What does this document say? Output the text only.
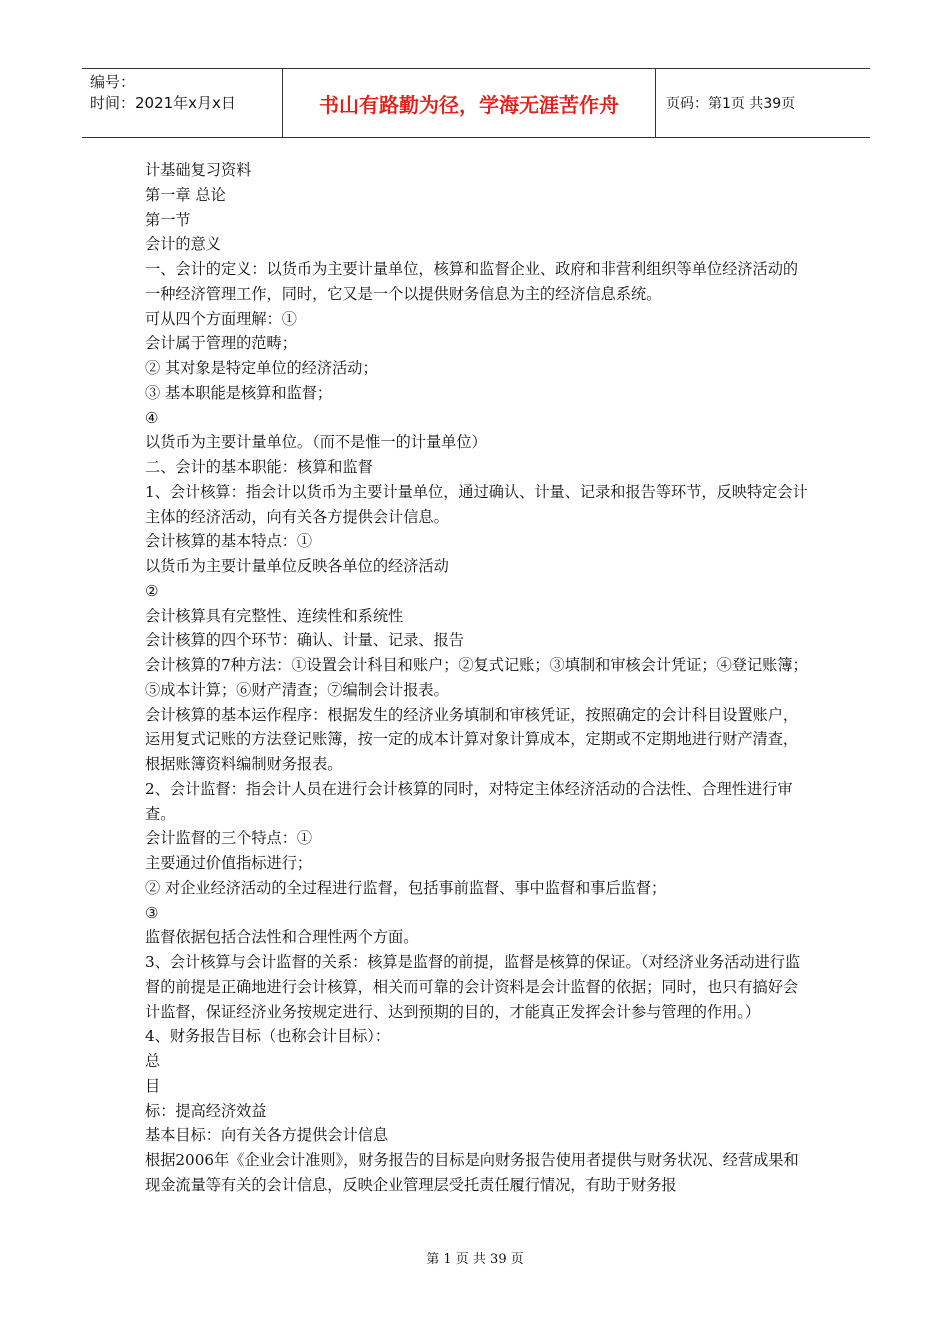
编号：
时间：2021年x月x日	书山有路勤为径，学海无涯苦作舟	页码：第1页 共39页

计基础复习资料

第一章 总论

第一节

会计的意义

一、会计的定义：以货币为主要计量单位，核算和监督企业、政府和非营利组织等单位经济活动的一种经济管理工作，同时，它又是一个以提供财务信息为主的经济信息系统。

可从四个方面理解：①

会计属于管理的范畴；

② 其对象是特定单位的经济活动；

③ 基本职能是核算和监督；

④

以货币为主要计量单位。（而不是惟一的计量单位）

二、会计的基本职能：核算和监督

1、会计核算：指会计以货币为主要计量单位，通过确认、计量、记录和报告等环节，反映特定会计主体的经济活动，向有关各方提供会计信息。

会计核算的基本特点：①

以货币为主要计量单位反映各单位的经济活动

②

会计核算具有完整性、连续性和系统性

会计核算的四个环节：确认、计量、记录、报告

会计核算的7种方法：①设置会计科目和账户；②复式记账；③填制和审核会计凭证；④登记账簿；⑤成本计算；⑥财产清查；⑦编制会计报表。

会计核算的基本运作程序：根据发生的经济业务填制和审核凭证，按照确定的会计科目设置账户，运用复式记账的方法登记账簿，按一定的成本计算对象计算成本，定期或不定期地进行财产清查，根据账簿资料编制财务报表。

2、会计监督：指会计人员在进行会计核算的同时，对特定主体经济活动的合法性、合理性进行审查。

会计监督的三个特点：①

主要通过价值指标进行；

② 对企业经济活动的全过程进行监督，包括事前监督、事中监督和事后监督；

③

监督依据包括合法性和合理性两个方面。

3、会计核算与会计监督的关系：核算是监督的前提，监督是核算的保证。（对经济业务活动进行监督的前提是正确地进行会计核算，相关而可靠的会计资料是会计监督的依据；同时，也只有搞好会计监督，保证经济业务按规定进行、达到预期的目的，才能真正发挥会计参与管理的作用。）

4、财务报告目标（也称会计目标）：

总

目

标：提高经济效益

基本目标：向有关各方提供会计信息

根据2006年《企业会计准则》，财务报告的目标是向财务报告使用者提供与财务状况、经营成果和现金流量等有关的会计信息，反映企业管理层受托责任履行情况，有助于财务报

第 1 页 共 39 页
